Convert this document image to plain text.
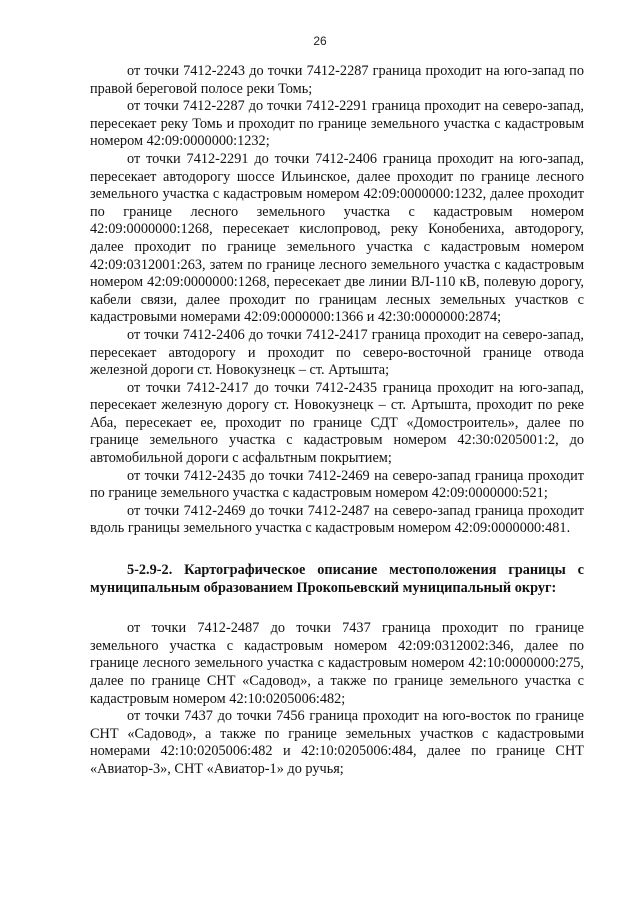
26

от точки 7412-2243 до точки 7412-2287 граница проходит на юго-запад по правой береговой полосе реки Томь;

от точки 7412-2287 до точки 7412-2291 граница проходит на северо-запад, пересекает реку Томь и проходит по границе земельного участка с кадастровым номером 42:09:0000000:1232;

от точки 7412-2291 до точки 7412-2406 граница проходит на юго-запад, пересекает автодорогу шоссе Ильинское, далее проходит по границе лесного земельного участка с кадастровым номером 42:09:0000000:1232, далее проходит по границе лесного земельного участка с кадастровым номером 42:09:0000000:1268, пересекает кислопровод, реку Конобениха, автодорогу, далее проходит по границе земельного участка с кадастровым номером 42:09:0312001:263, затем по границе лесного земельного участка с кадастровым номером 42:09:0000000:1268, пересекает две линии ВЛ-110 кВ, полевую дорогу, кабели связи, далее проходит по границам лесных земельных участков с кадастровыми номерами 42:09:0000000:1366 и 42:30:0000000:2874;

от точки 7412-2406 до точки 7412-2417 граница проходит на северо-запад, пересекает автодорогу и проходит по северо-восточной границе отвода железной дороги ст. Новокузнецк – ст. Артышта;

от точки 7412-2417 до точки 7412-2435 граница проходит на юго-запад, пересекает железную дорогу ст. Новокузнецк – ст. Артышта, проходит по реке Аба, пересекает ее, проходит по границе СДТ «Домостроитель», далее по границе земельного участка с кадастровым номером 42:30:0205001:2, до автомобильной дороги с асфальтным покрытием;

от точки 7412-2435 до точки 7412-2469 на северо-запад граница проходит по границе земельного участка с кадастровым номером 42:09:0000000:521;

от точки 7412-2469 до точки 7412-2487 на северо-запад граница проходит вдоль границы земельного участка с кадастровым номером 42:09:0000000:481.

5-2.9-2. Картографическое описание местоположения границы с муниципальным образованием Прокопьевский муниципальный округ:

от точки 7412-2487 до точки 7437 граница проходит по границе земельного участка с кадастровым номером 42:09:0312002:346, далее по границе лесного земельного участка с кадастровым номером 42:10:0000000:275, далее по границе СНТ «Садовод», а также по границе земельного участка с кадастровым номером 42:10:0205006:482;

от точки 7437 до точки 7456 граница проходит на юго-восток по границе СНТ «Садовод», а также по границе земельных участков с кадастровыми номерами 42:10:0205006:482 и 42:10:0205006:484, далее по границе СНТ «Авиатор-3», СНТ «Авиатор-1» до ручья;
